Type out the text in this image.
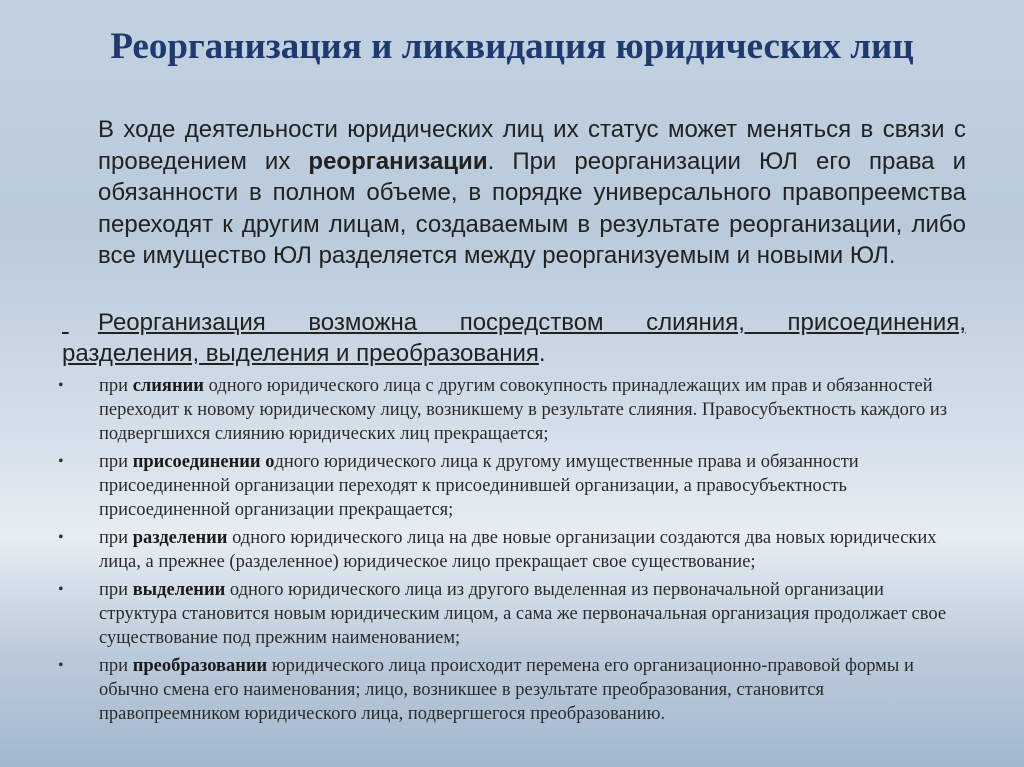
Реорганизация и ликвидация юридических лиц

В ходе деятельности юридических лиц их статус может меняться в связи с проведением их реорганизации. При реорганизации ЮЛ его права и обязанности в полном объеме, в порядке универсального правопреемства переходят к другим лицам, создаваемым в результате реорганизации, либо все имущество ЮЛ разделяется между реорганизуемым и новыми ЮЛ.

Реорганизация возможна посредством слияния, присоединения, разделения, выделения и преобразования.

• при слиянии одного юридического лица с другим совокупность принадлежащих им прав и обязанностей переходит к новому юридическому лицу, возникшему в результате слияния. Правосубъектность каждого из подвергшихся слиянию юридических лиц прекращается;
• при присоединении одного юридического лица к другому имущественные права и обязанности присоединенной организации переходят к присоединившей организации, а правосубъектность присоединенной организации прекращается;
• при разделении одного юридического лица на две новые организации создаются два новых юридических лица, а прежнее (разделенное) юридическое лицо прекращает свое существование;
• при выделении одного юридического лица из другого выделенная из первоначальной организации структура становится новым юридическим лицом, а сама же первоначальная организация продолжает свое существование под прежним наименованием;
• при преобразовании юридического лица происходит перемена его организационно-правовой формы и обычно смена его наименования; лицо, возникшее в результате преобразования, становится правопреемником юридического лица, подвергшегося преобразованию.
